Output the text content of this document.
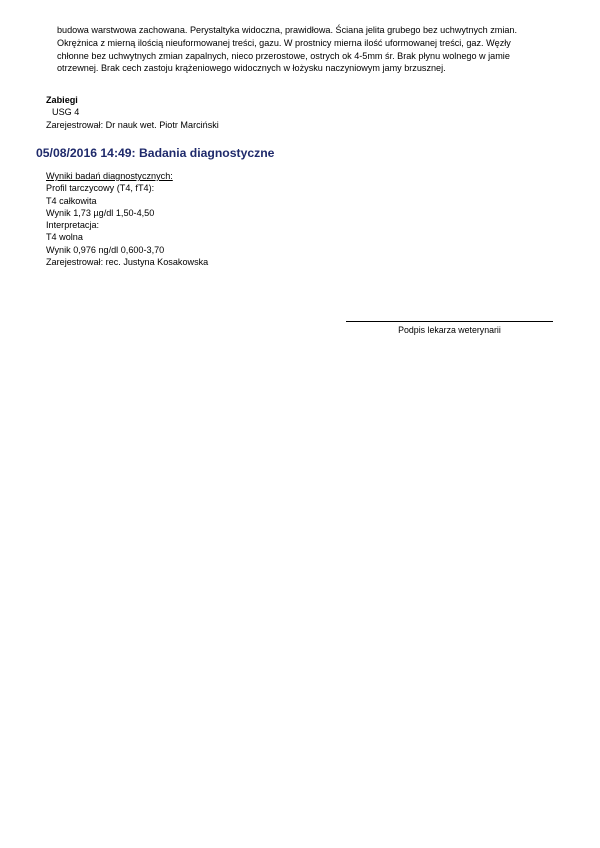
budowa warstwowa zachowana. Perystaltyka widoczna, prawidłowa. Ściana jelita grubego bez uchwytnych zmian.
Okrężnica z mierną ilością nieuformowanej treści, gazu. W prostnicy mierna ilość uformowanej treści, gaz. Węzły
chłonne bez uchwytnych zmian zapalnych, nieco przerostowe, ostrych ok 4-5mm śr. Brak płynu wolnego w jamie
otrzewnej. Brak cech zastoju krążeniowego widocznych w łożysku naczyniowym jamy brzusznej.
Zabiegi
USG 4
Zarejestrował: Dr nauk wet. Piotr Marciński
05/08/2016 14:49: Badania diagnostyczne
Wyniki badań diagnostycznych:
Profil tarczycowy (T4, fT4):
T4 całkowita
Wynik 1,73 µg/dl 1,50-4,50
Interpretacja:
T4 wolna
Wynik 0,976 ng/dl 0,600-3,70
Zarejestrował: rec. Justyna Kosakowska
Podpis lekarza weterynarii
